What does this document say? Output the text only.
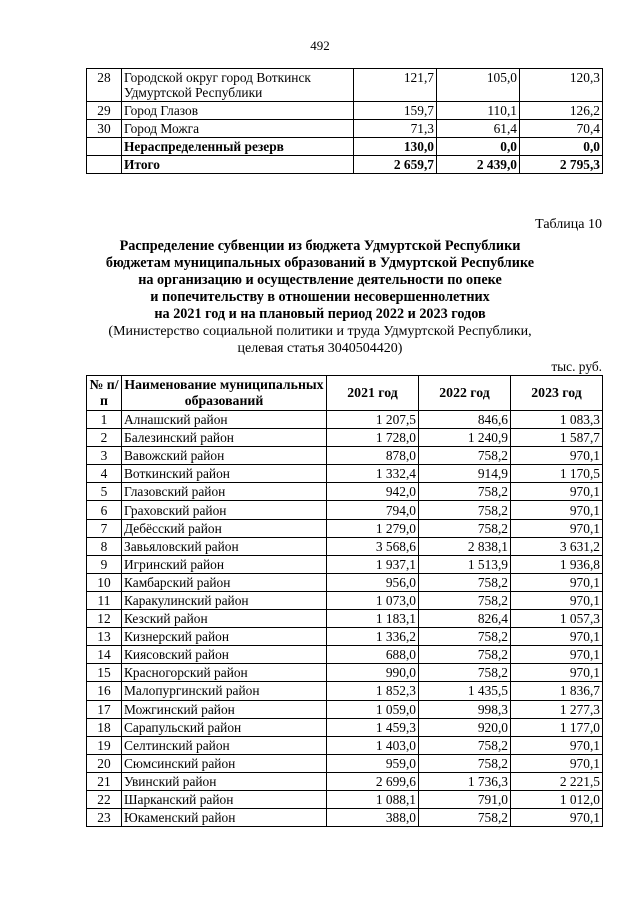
492
28	Городской округ город Воткинск Удмуртской Республики	121,7	105,0	120,3
29	Город Глазов	159,7	110,1	126,2
30	Город Можга	71,3	61,4	70,4
	Нераспределенный резерв	130,0	0,0	0,0
	Итого	2 659,7	2 439,0	2 795,3
Таблица 10
Распределение субвенции из бюджета Удмуртской Республики
бюджетам муниципальных образований в Удмуртской Республике
на организацию и осуществление деятельности по опеке
и попечительству в отношении несовершеннолетних
на 2021 год и на плановый период 2022 и 2023 годов
(Министерство социальной политики и труда Удмуртской Республики,
целевая статья 3040504420)
тыс. руб.
№ п/п	Наименование муниципальных образований	2021 год	2022 год	2023 год
1	Алнашский район	1 207,5	846,6	1 083,3
2	Балезинский район	1 728,0	1 240,9	1 587,7
3	Вавожский район	878,0	758,2	970,1
4	Воткинский район	1 332,4	914,9	1 170,5
5	Глазовский район	942,0	758,2	970,1
6	Граховский район	794,0	758,2	970,1
7	Дебёсский район	1 279,0	758,2	970,1
8	Завьяловский район	3 568,6	2 838,1	3 631,2
9	Игринский район	1 937,1	1 513,9	1 936,8
10	Камбарский район	956,0	758,2	970,1
11	Каракулинский район	1 073,0	758,2	970,1
12	Кезский район	1 183,1	826,4	1 057,3
13	Кизнерский район	1 336,2	758,2	970,1
14	Киясовский район	688,0	758,2	970,1
15	Красногорский район	990,0	758,2	970,1
16	Малопургинский район	1 852,3	1 435,5	1 836,7
17	Можгинский район	1 059,0	998,3	1 277,3
18	Сарапульский район	1 459,3	920,0	1 177,0
19	Селтинский район	1 403,0	758,2	970,1
20	Сюмсинский район	959,0	758,2	970,1
21	Увинский район	2 699,6	1 736,3	2 221,5
22	Шарканский район	1 088,1	791,0	1 012,0
23	Юкаменский район	388,0	758,2	970,1
